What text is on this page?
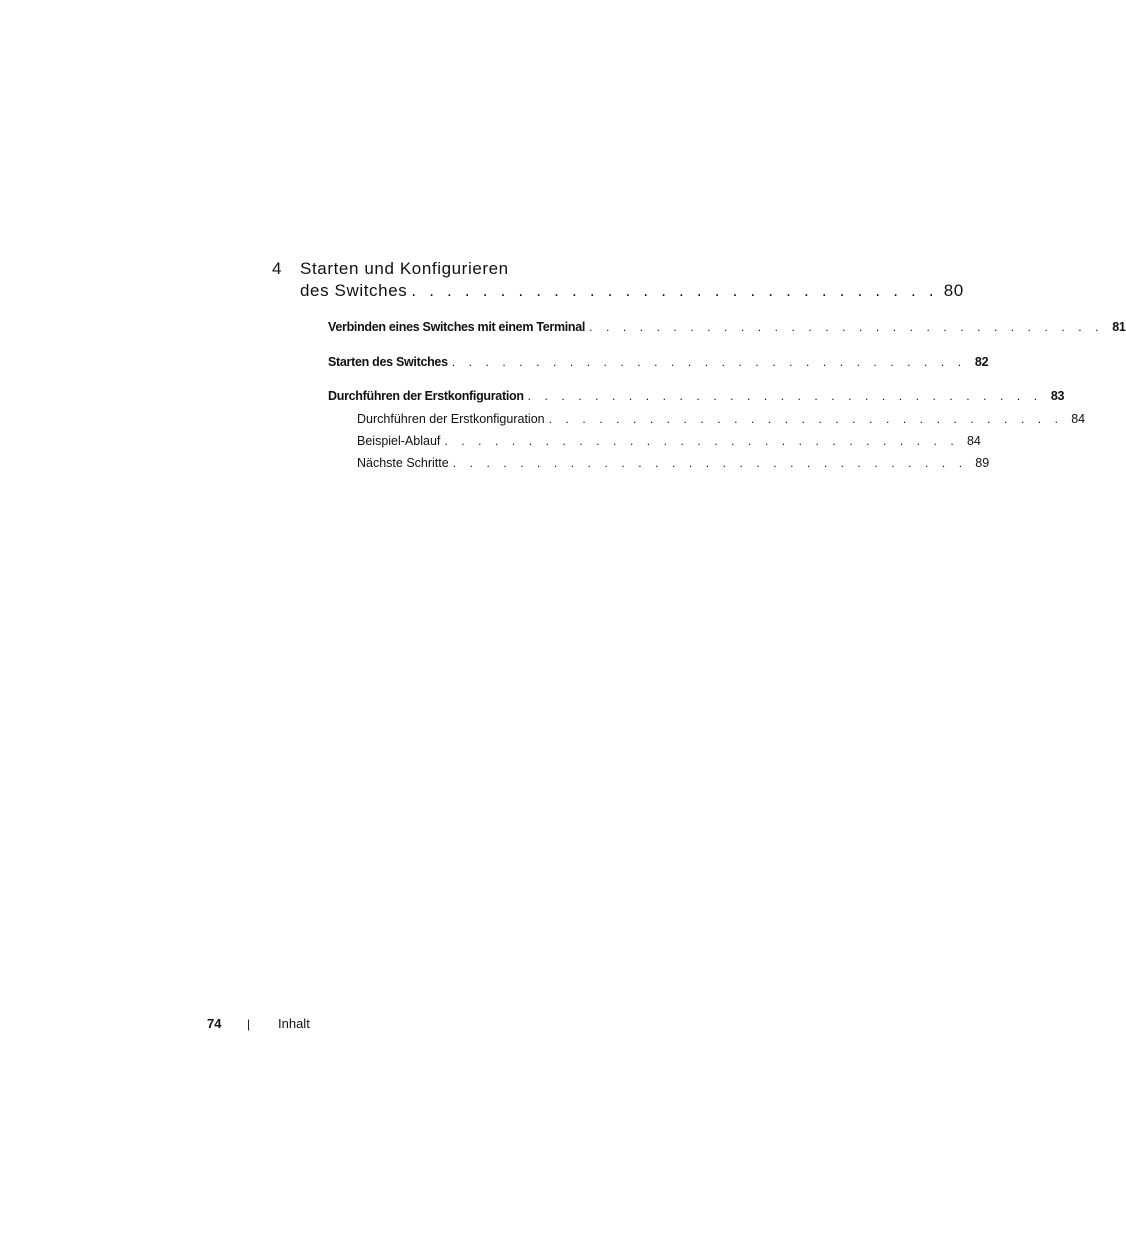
4 Starten und Konfigurieren
des Switches . . . . . . . . . . . . . . . . . . . . . . . . . . . . . . 80
Verbinden eines Switches mit einem Terminal . . . . . . . . . . . . . . . . . . . . . . . . . . . . . . . 81
Starten des Switches . . . . . . . . . . . . . . . . . . . . . . . . . . . . . . . 82
Durchführen der Erstkonfiguration . . . . . . . . . . . . . . . . . . . . . . . . . . . . . . . 83
Durchführen der Erstkonfiguration . . . . . . . . . . . . . . . . . . . . . . . . . . . . . . . 84
Beispiel-Ablauf . . . . . . . . . . . . . . . . . . . . . . . . . . . . . . . 84
Nächste Schritte . . . . . . . . . . . . . . . . . . . . . . . . . . . . . . . 89
74 | Inhalt
